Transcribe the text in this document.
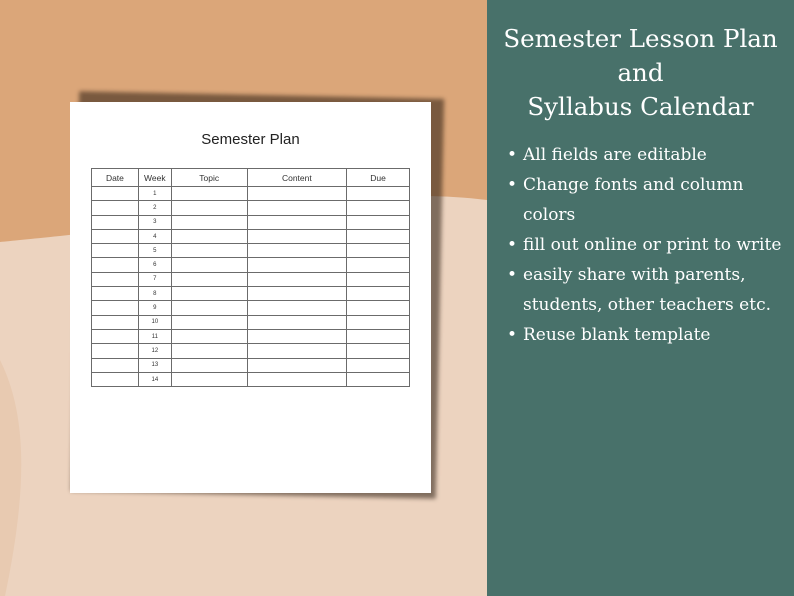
Semester Plan
Date	Week	Topic	Content	Due
	1			
	2			
	3			
	4			
	5			
	6			
	7			
	8			
	9			
	10			
	11			
	12			
	13			
	14			
Semester Lesson Plan
and
Syllabus Calendar
• All fields are editable
• Change fonts and column
colors
• fill out online or print to write
• easily share with parents,
students, other teachers etc.
• Reuse blank template
